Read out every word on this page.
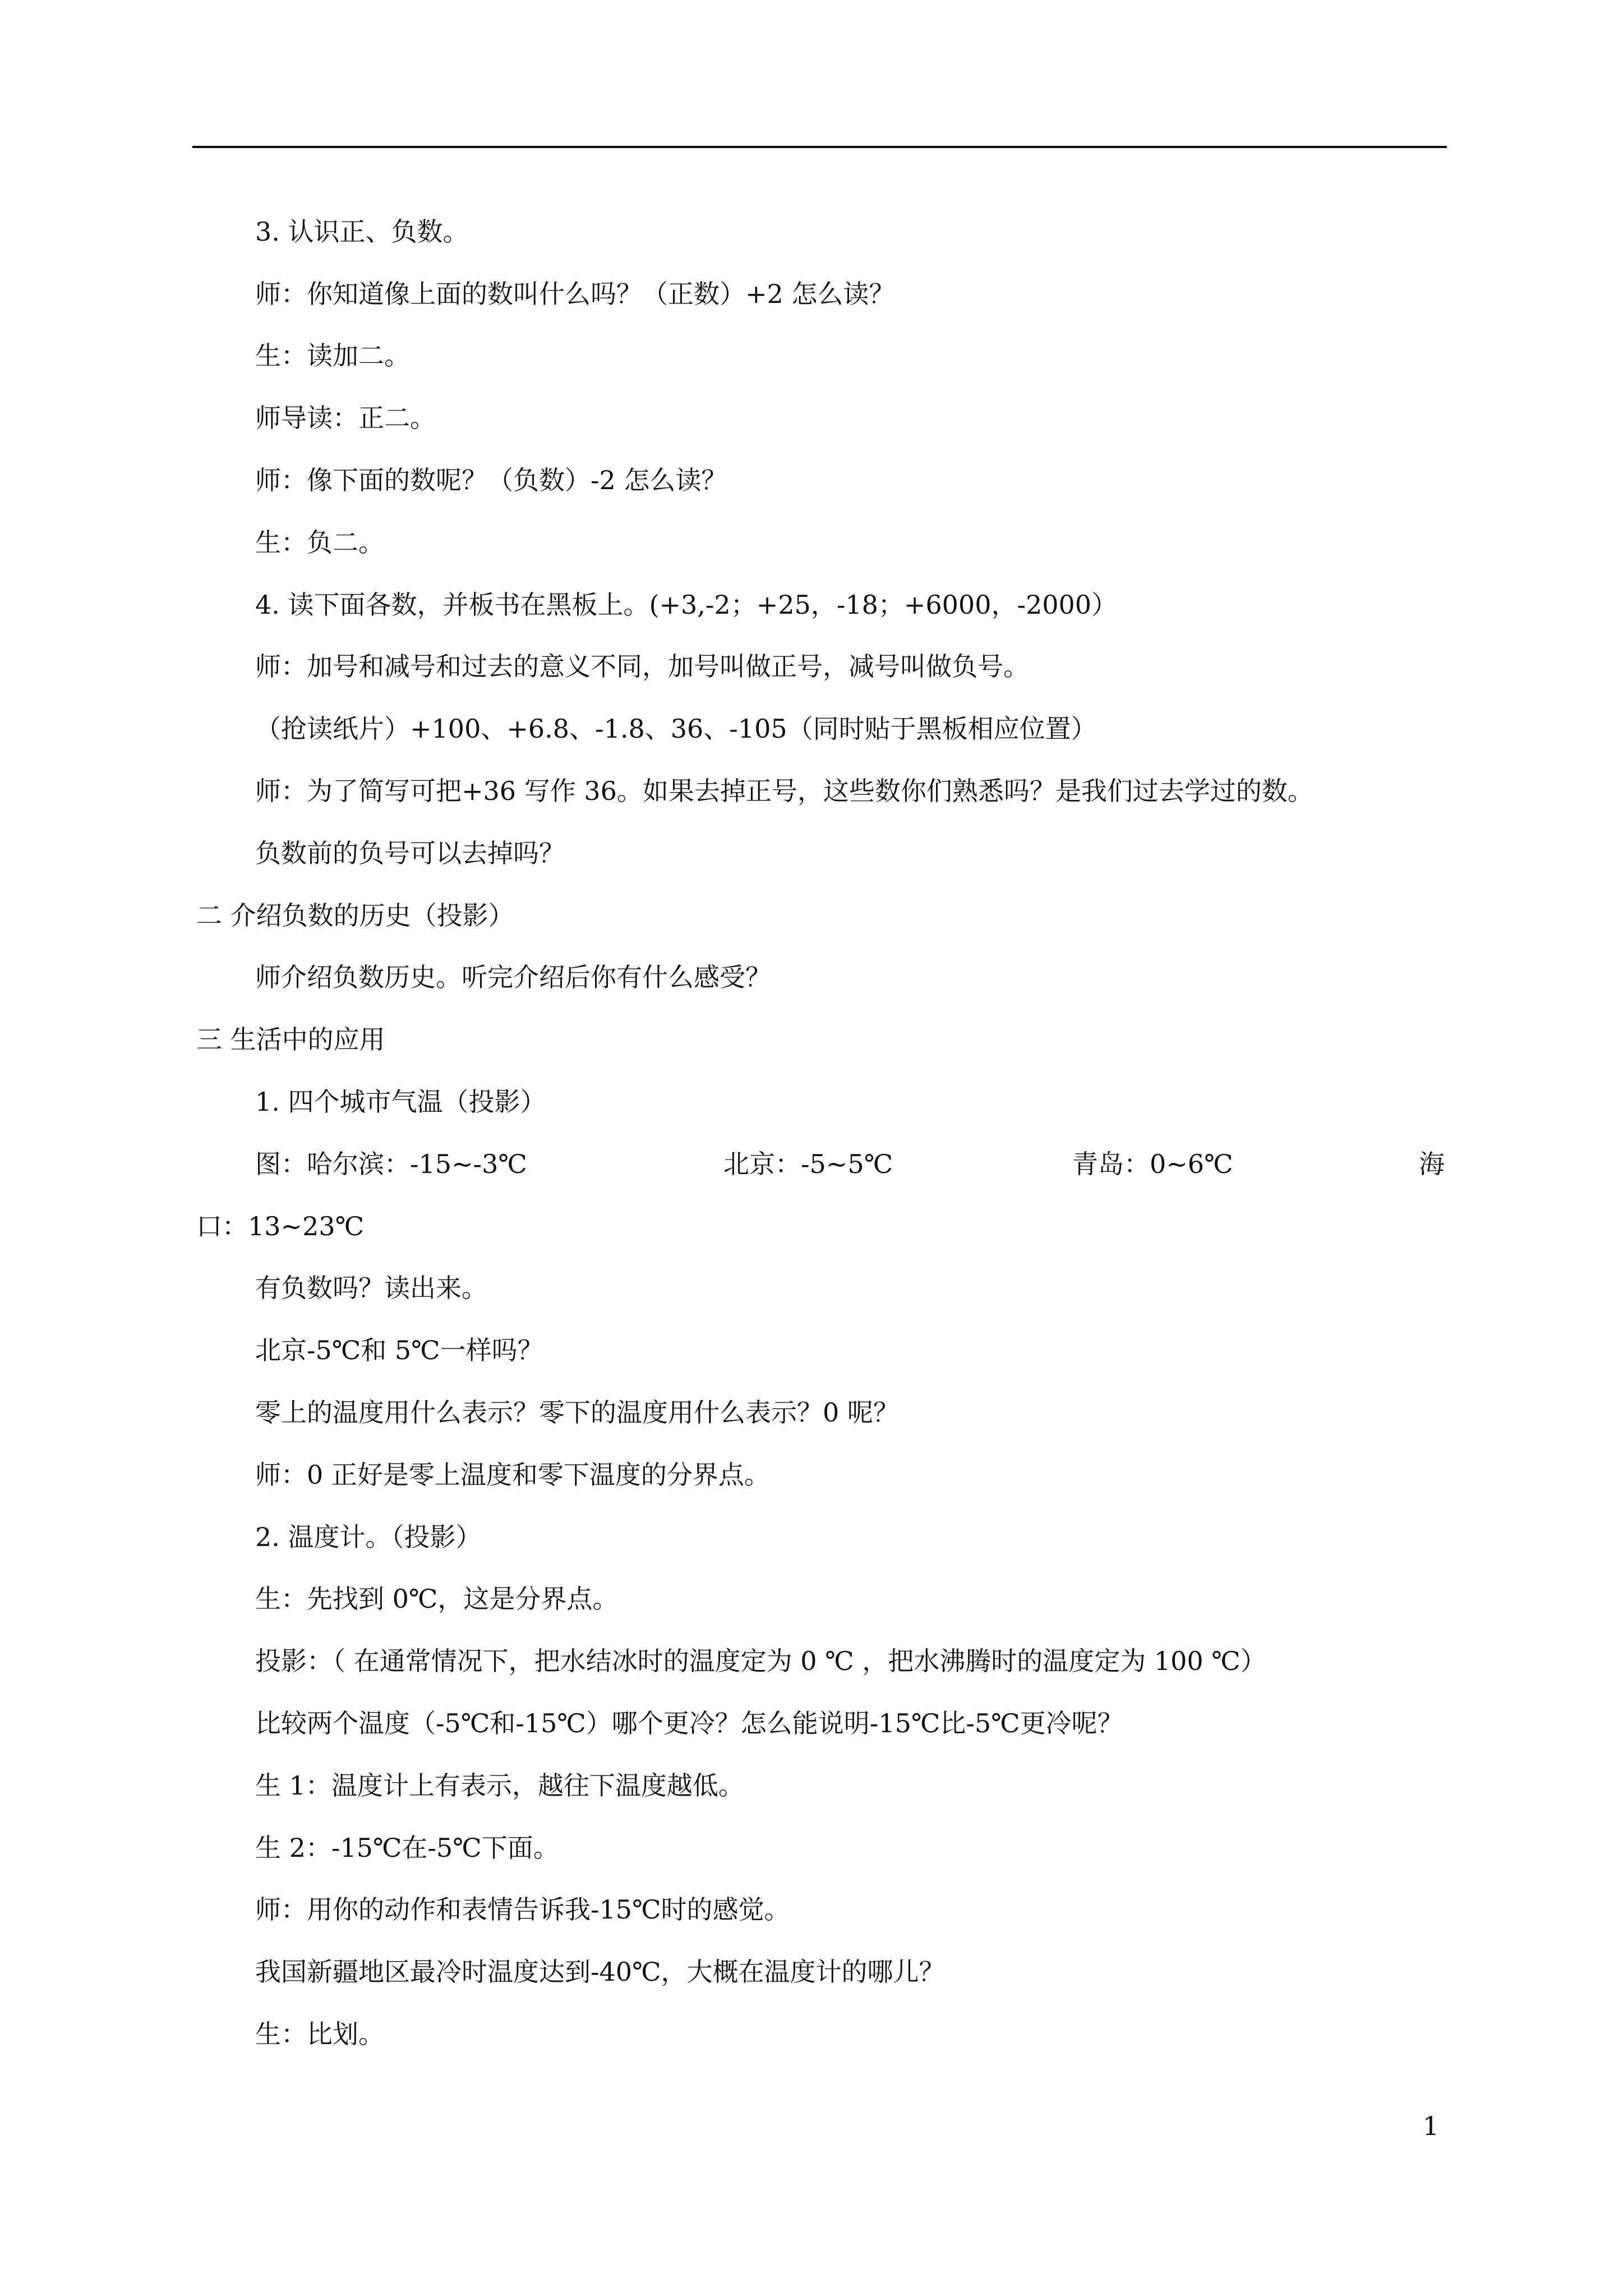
3. 认识正、负数。
师：你知道像上面的数叫什么吗？（正数）+2 怎么读？
生：读加二。
师导读：正二。
师：像下面的数呢？（负数）-2 怎么读？
生：负二。
4. 读下面各数，并板书在黑板上。(+3,-2；+25，-18；+6000，-2000）
师：加号和减号和过去的意义不同，加号叫做正号，减号叫做负号。
（抢读纸片）+100、+6.8、-1.8、36、-105（同时贴于黑板相应位置）
师：为了简写可把+36 写作 36。如果去掉正号，这些数你们熟悉吗？是我们过去学过的数。
负数前的负号可以去掉吗？
二 介绍负数的历史（投影）
师介绍负数历史。听完介绍后你有什么感受？
三 生活中的应用
1. 四个城市气温（投影）
图：哈尔滨：-15~-3℃	北京：-5~5℃	青岛：0~6℃	海
口：13~23℃
有负数吗？读出来。
北京-5℃和 5℃一样吗？
零上的温度用什么表示？零下的温度用什么表示？0 呢？
师：0 正好是零上温度和零下温度的分界点。
2. 温度计。（投影）
生：先找到 0℃，这是分界点。
投影：（ 在通常情况下，把水结冰时的温度定为 0 ℃ ，把水沸腾时的温度定为 100 ℃）
比较两个温度（-5℃和-15℃）哪个更冷？怎么能说明-15℃比-5℃更冷呢？
生 1：温度计上有表示，越往下温度越低。
生 2：-15℃在-5℃下面。
师：用你的动作和表情告诉我-15℃时的感觉。
我国新疆地区最冷时温度达到-40℃，大概在温度计的哪儿？
生：比划。
1
